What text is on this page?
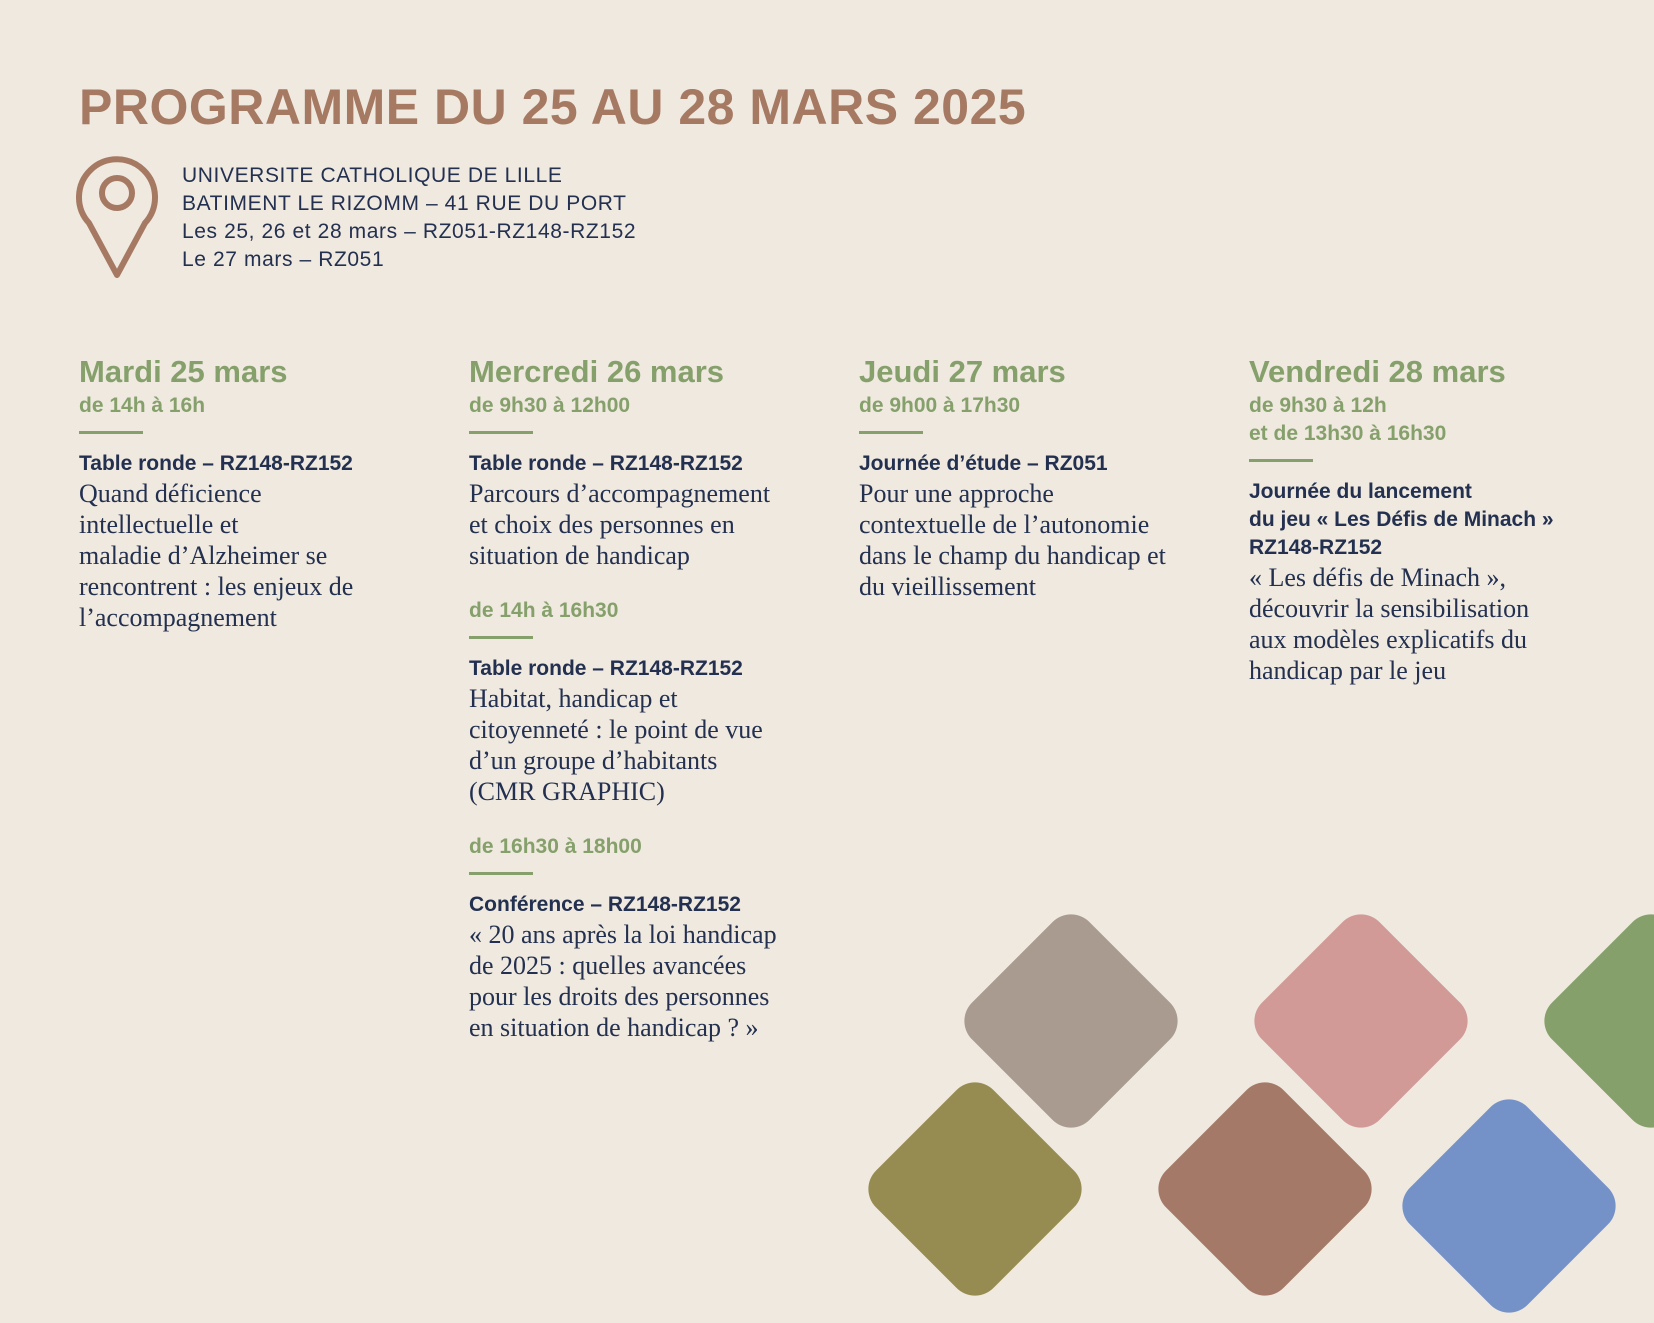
PROGRAMME DU 25 AU 28 MARS 2025
UNIVERSITE CATHOLIQUE DE LILLE
BATIMENT LE RIZOMM – 41 RUE DU PORT
Les 25, 26 et 28 mars – RZ051-RZ148-RZ152
Le 27 mars – RZ051
Mardi 25 mars
de 14h à 16h
Table ronde – RZ148-RZ152
Quand déficience
intellectuelle et
maladie d’Alzheimer se
rencontrent : les enjeux de
l’accompagnement
Mercredi 26 mars
de 9h30 à 12h00
Table ronde – RZ148-RZ152
Parcours d’accompagnement
et choix des personnes en
situation de handicap
de 14h à 16h30
Table ronde – RZ148-RZ152
Habitat, handicap et
citoyenneté : le point de vue
d’un groupe d’habitants
(CMR GRAPHIC)
de 16h30 à 18h00
Conférence – RZ148-RZ152
« 20 ans après la loi handicap
de 2025 : quelles avancées
pour les droits des personnes
en situation de handicap ? »
Jeudi 27 mars
de 9h00 à 17h30
Journée d’étude – RZ051
Pour une approche
contextuelle de l’autonomie
dans le champ du handicap et
du vieillissement
Vendredi 28 mars
de 9h30 à 12h
et de 13h30 à 16h30
Journée du lancement
du jeu « Les Défis de Minach »
RZ148-RZ152
« Les défis de Minach »,
découvrir la sensibilisation
aux modèles explicatifs du
handicap par le jeu
